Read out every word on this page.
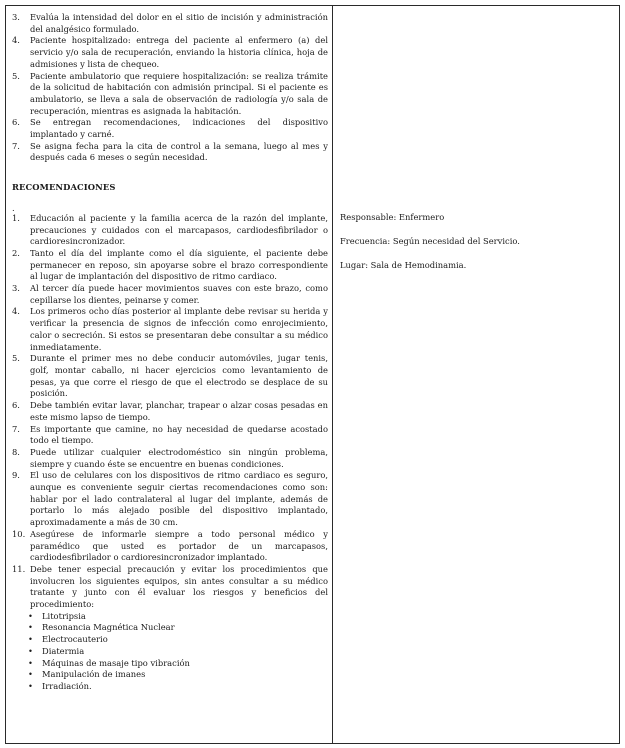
3. Evalúa la intensidad del dolor en el sitio de incisión y administración del analgésico formulado.
4. Paciente hospitalizado: entrega del paciente al enfermero (a) del servicio y/o sala de recuperación, enviando la historia clínica, hoja de admisiones y lista de chequeo.
5. Paciente ambulatorio que requiere hospitalización: se realiza trámite de la solicitud de habitación con admisión principal. Si el paciente es ambulatorio, se lleva a sala de observación de radiología y/o sala de recuperación, mientras es asignada la habitación.
6. Se entregan recomendaciones, indicaciones del dispositivo implantado y carné.
7. Se asigna fecha para la cita de control a la semana, luego al mes y después cada 6 meses o según necesidad.
RECOMENDACIONES
.
1. Educación al paciente y la familia acerca de la razón del implante, precauciones y cuidados con el marcapasos, cardiodesfibrilador o cardioresincronizador.
2. Tanto el día del implante como el día siguiente, el paciente debe permanecer en reposo, sin apoyarse sobre el brazo correspondiente al lugar de implantación del dispositivo de ritmo cardiaco.
3. Al tercer día puede hacer movimientos suaves con este brazo, como cepillarse los dientes, peinarse y comer.
4. Los primeros ocho días posterior al implante debe revisar su herida y verificar la presencia de signos de infección como enrojecimiento, calor o secreción. Si estos se presentaran debe consultar a su médico inmediatamente.
5. Durante el primer mes no debe conducir automóviles, jugar tenis, golf, montar caballo, ni hacer ejercicios como levantamiento de pesas, ya que corre el riesgo de que el electrodo se desplace de su posición.
6. Debe también evitar lavar, planchar, trapear o alzar cosas pesadas en este mismo lapso de tiempo.
7. Es importante que camine, no hay necesidad de quedarse acostado todo el tiempo.
8. Puede utilizar cualquier electrodoméstico sin ningún problema, siempre y cuando éste se encuentre en buenas condiciones.
9. El uso de celulares con los dispositivos de ritmo cardiaco es seguro, aunque es conveniente seguir ciertas recomendaciones como son: hablar por el lado contralateral al lugar del implante, además de portarlo lo más alejado posible del dispositivo implantado, aproximadamente a más de 30 cm.
10. Asegúrese de informarle siempre a todo personal médico y paramédico que usted es portador de un marcapasos, cardiodesfibrilador o cardioresincronizador implantado.
11. Debe tener especial precaución y evitar los procedimientos que involucren los siguientes equipos, sin antes consultar a su médico tratante y junto con él evaluar los riesgos y beneficios del procedimiento:
• Litotripsia
• Resonancia Magnética Nuclear
• Electrocauterio
• Diatermia
• Máquinas de masaje tipo vibración
• Manipulación de imanes
• Irradiación.
Responsable: Enfermero
Frecuencia: Según necesidad del Servicio.
Lugar: Sala de Hemodinamia.
